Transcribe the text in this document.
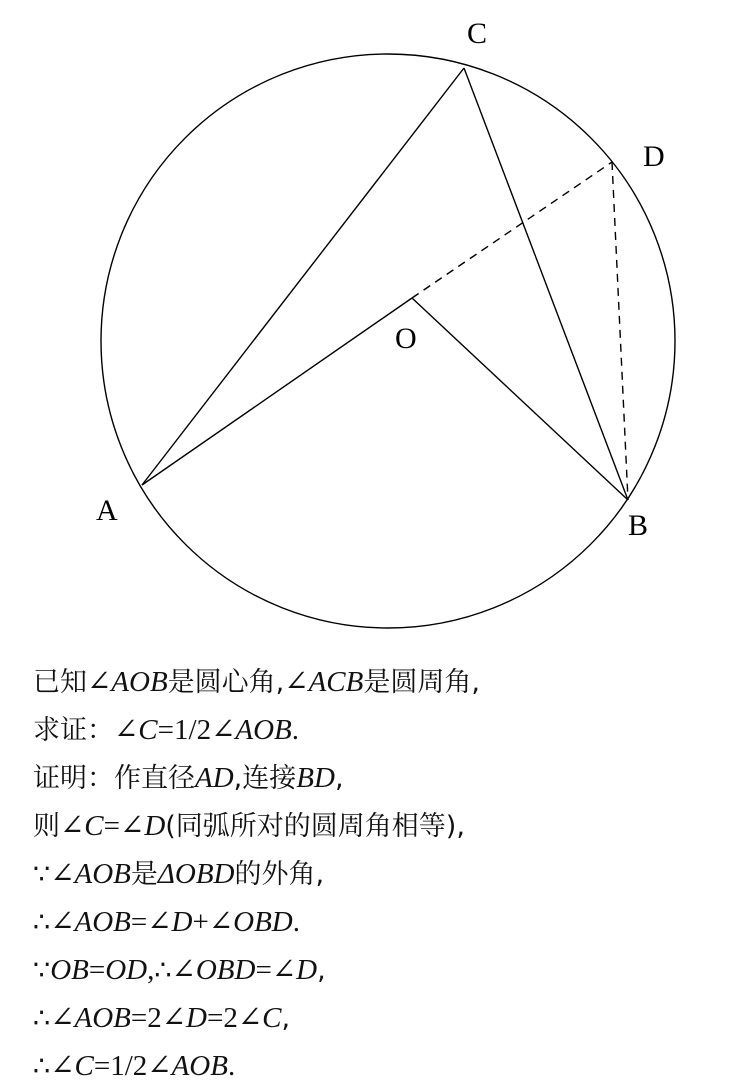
C
D
O
A	B
已知∠AOB是圆心角,∠ACB是圆周角,
求证：∠C=1/2∠AOB.
证明：作直径AD,连接BD,
则∠C=∠D(同弧所对的圆周角相等),
∵∠AOB是ΔOBD的外角,
∴∠AOB=∠D+∠OBD.
∵OB=OD,∴∠OBD=∠D,
∴∠AOB=2∠D=2∠C,
∴∠C=1/2∠AOB.
